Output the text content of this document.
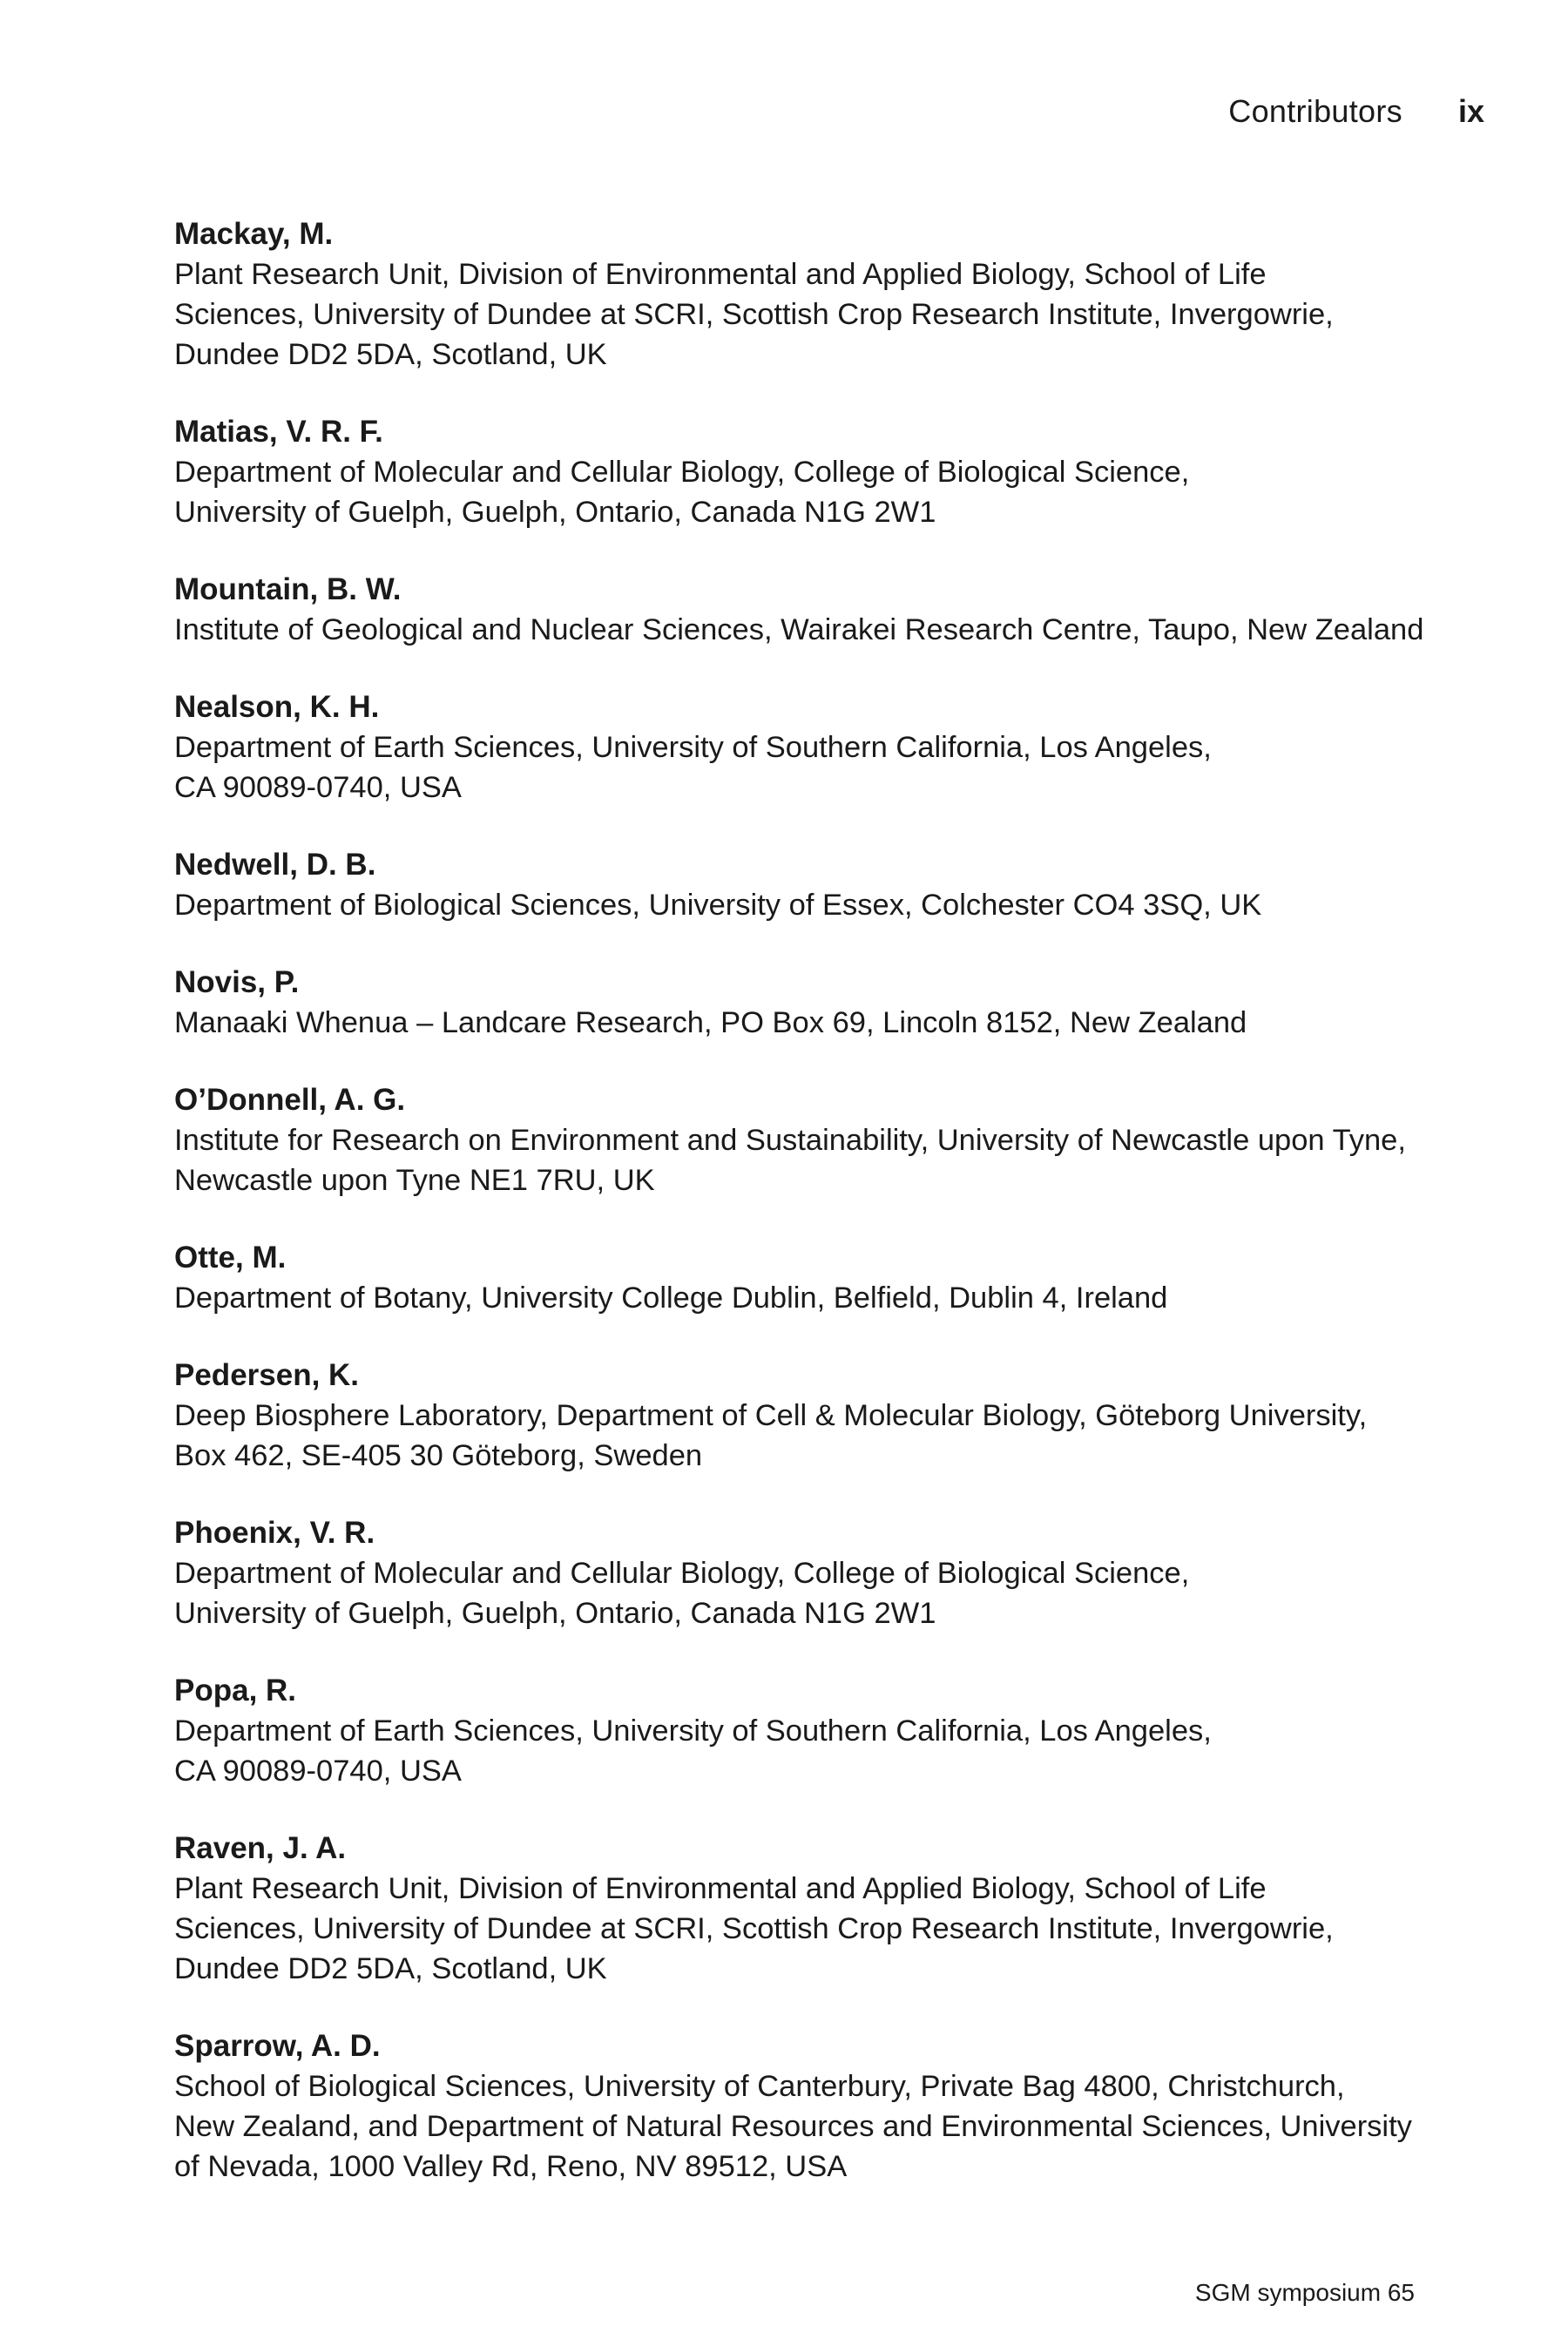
Contributors ix
Mackay, M.
Plant Research Unit, Division of Environmental and Applied Biology, School of Life
Sciences, University of Dundee at SCRI, Scottish Crop Research Institute, Invergowrie,
Dundee DD2 5DA, Scotland, UK
Matias, V. R. F.
Department of Molecular and Cellular Biology, College of Biological Science,
University of Guelph, Guelph, Ontario, Canada N1G 2W1
Mountain, B. W.
Institute of Geological and Nuclear Sciences, Wairakei Research Centre, Taupo, New Zealand
Nealson, K. H.
Department of Earth Sciences, University of Southern California, Los Angeles,
CA 90089-0740, USA
Nedwell, D. B.
Department of Biological Sciences, University of Essex, Colchester CO4 3SQ, UK
Novis, P.
Manaaki Whenua – Landcare Research, PO Box 69, Lincoln 8152, New Zealand
O’Donnell, A. G.
Institute for Research on Environment and Sustainability, University of Newcastle upon Tyne,
Newcastle upon Tyne NE1 7RU, UK
Otte, M.
Department of Botany, University College Dublin, Belfield, Dublin 4, Ireland
Pedersen, K.
Deep Biosphere Laboratory, Department of Cell & Molecular Biology, Göteborg University,
Box 462, SE-405 30 Göteborg, Sweden
Phoenix, V. R.
Department of Molecular and Cellular Biology, College of Biological Science,
University of Guelph, Guelph, Ontario, Canada N1G 2W1
Popa, R.
Department of Earth Sciences, University of Southern California, Los Angeles,
CA 90089-0740, USA
Raven, J. A.
Plant Research Unit, Division of Environmental and Applied Biology, School of Life
Sciences, University of Dundee at SCRI, Scottish Crop Research Institute, Invergowrie,
Dundee DD2 5DA, Scotland, UK
Sparrow, A. D.
School of Biological Sciences, University of Canterbury, Private Bag 4800, Christchurch,
New Zealand, and Department of Natural Resources and Environmental Sciences, University
of Nevada, 1000 Valley Rd, Reno, NV 89512, USA
SGM symposium 65
